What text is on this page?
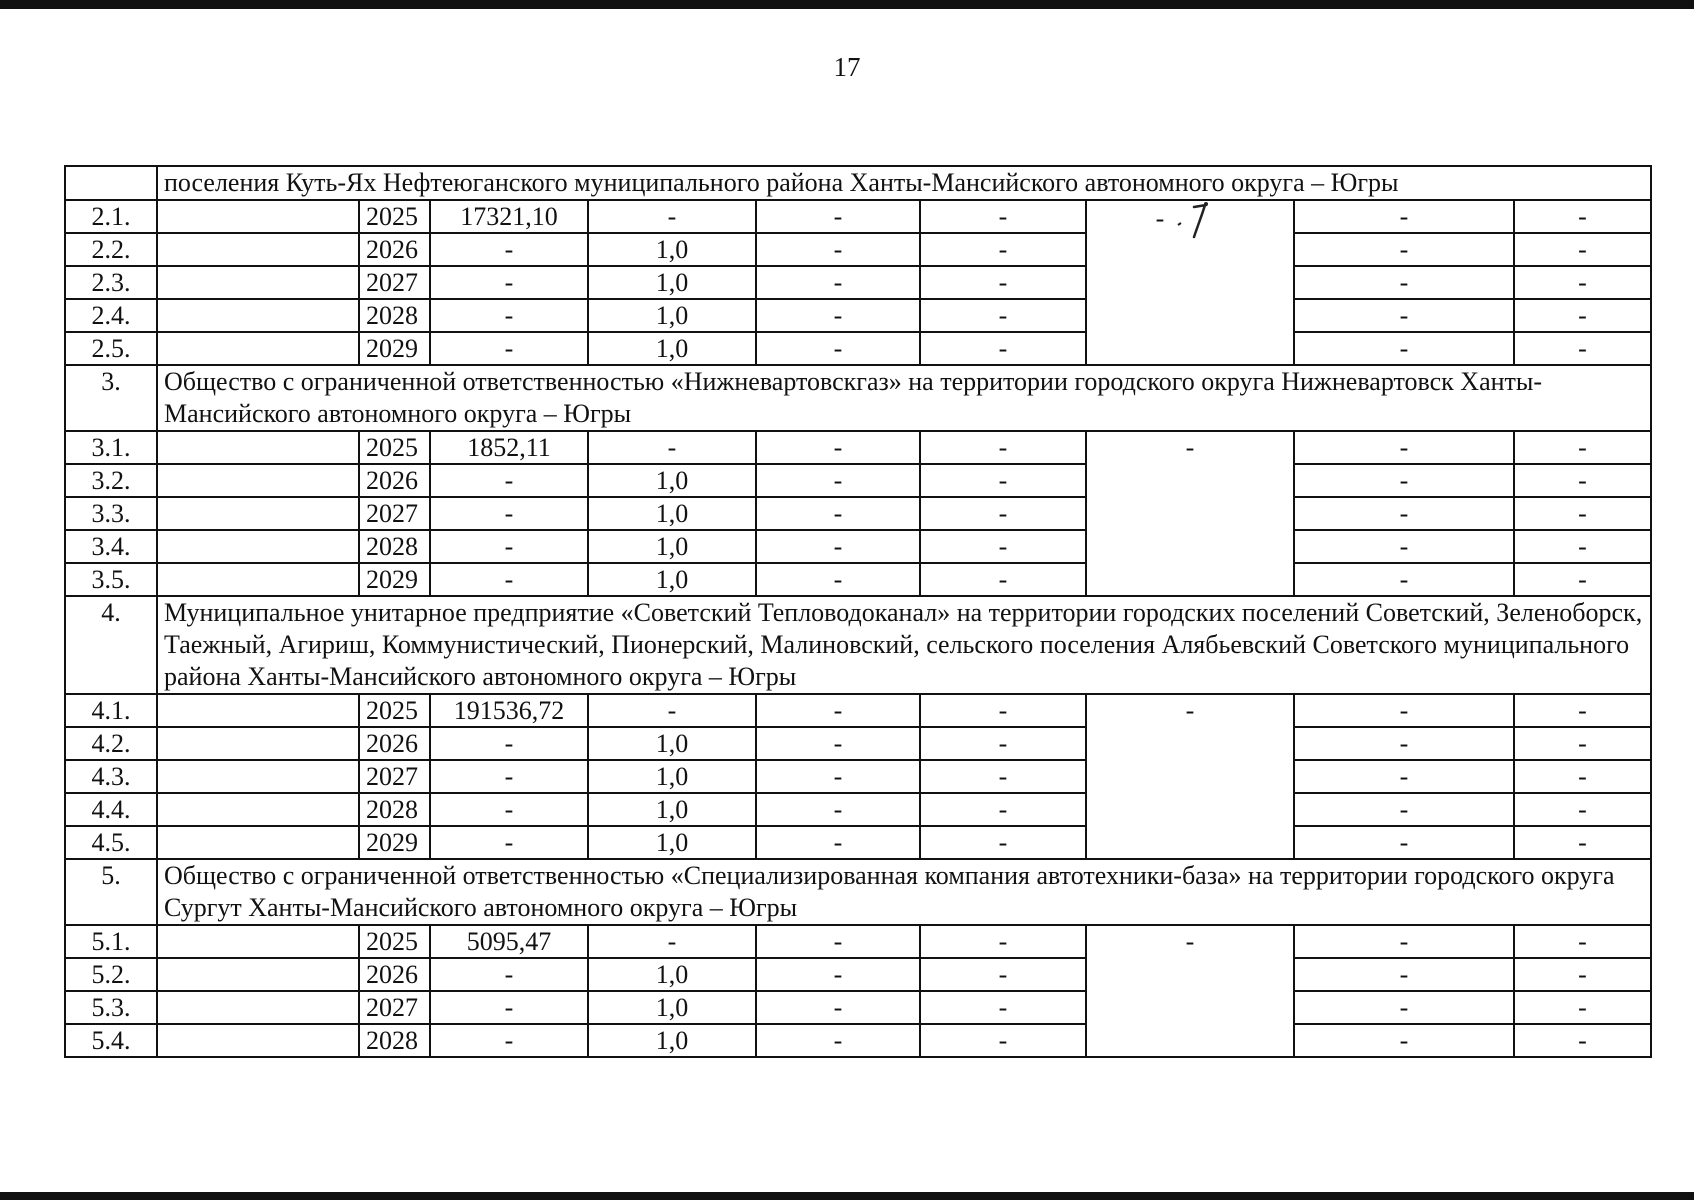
17
	поселения Куть-Ях Нефтеюганского муниципального района Ханты-Мансийского автономного округа – Югры								
2.1.		2025	17321,10	-	-	-	-	-	-
2.2.		2026	-	1,0	-	-		-	-
2.3.		2027	-	1,0	-	-		-	-
2.4.		2028	-	1,0	-	-		-	-
2.5.		2029	-	1,0	-	-		-	-
3.	Общество с ограниченной ответственностью «Нижневартовскгаз» на территории городского округа Нижневартовск Ханты-Мансийского автономного округа – Югры								
3.1.		2025	1852,11	-	-	-	-	-	-
3.2.		2026	-	1,0	-	-		-	-
3.3.		2027	-	1,0	-	-		-	-
3.4.		2028	-	1,0	-	-		-	-
3.5.		2029	-	1,0	-	-		-	-
4.	Муниципальное унитарное предприятие «Советский Тепловодоканал» на территории городских поселений Советский, Зеленоборск, Таежный, Агириш, Коммунистический, Пионерский, Малиновский, сельского поселения Алябьевский Советского муниципального района Ханты-Мансийского автономного округа – Югры								
4.1.		2025	191536,72	-	-	-	-	-	-
4.2.		2026	-	1,0	-	-		-	-
4.3.		2027	-	1,0	-	-		-	-
4.4.		2028	-	1,0	-	-		-	-
4.5.		2029	-	1,0	-	-		-	-
5.	Общество с ограниченной ответственностью «Специализированная компания автотехники-база» на территории городского округа Сургут Ханты-Мансийского автономного округа – Югры								
5.1.		2025	5095,47	-	-	-	-	-	-
5.2.		2026	-	1,0	-	-		-	-
5.3.		2027	-	1,0	-	-		-	-
5.4.		2028	-	1,0	-	-		-	-
